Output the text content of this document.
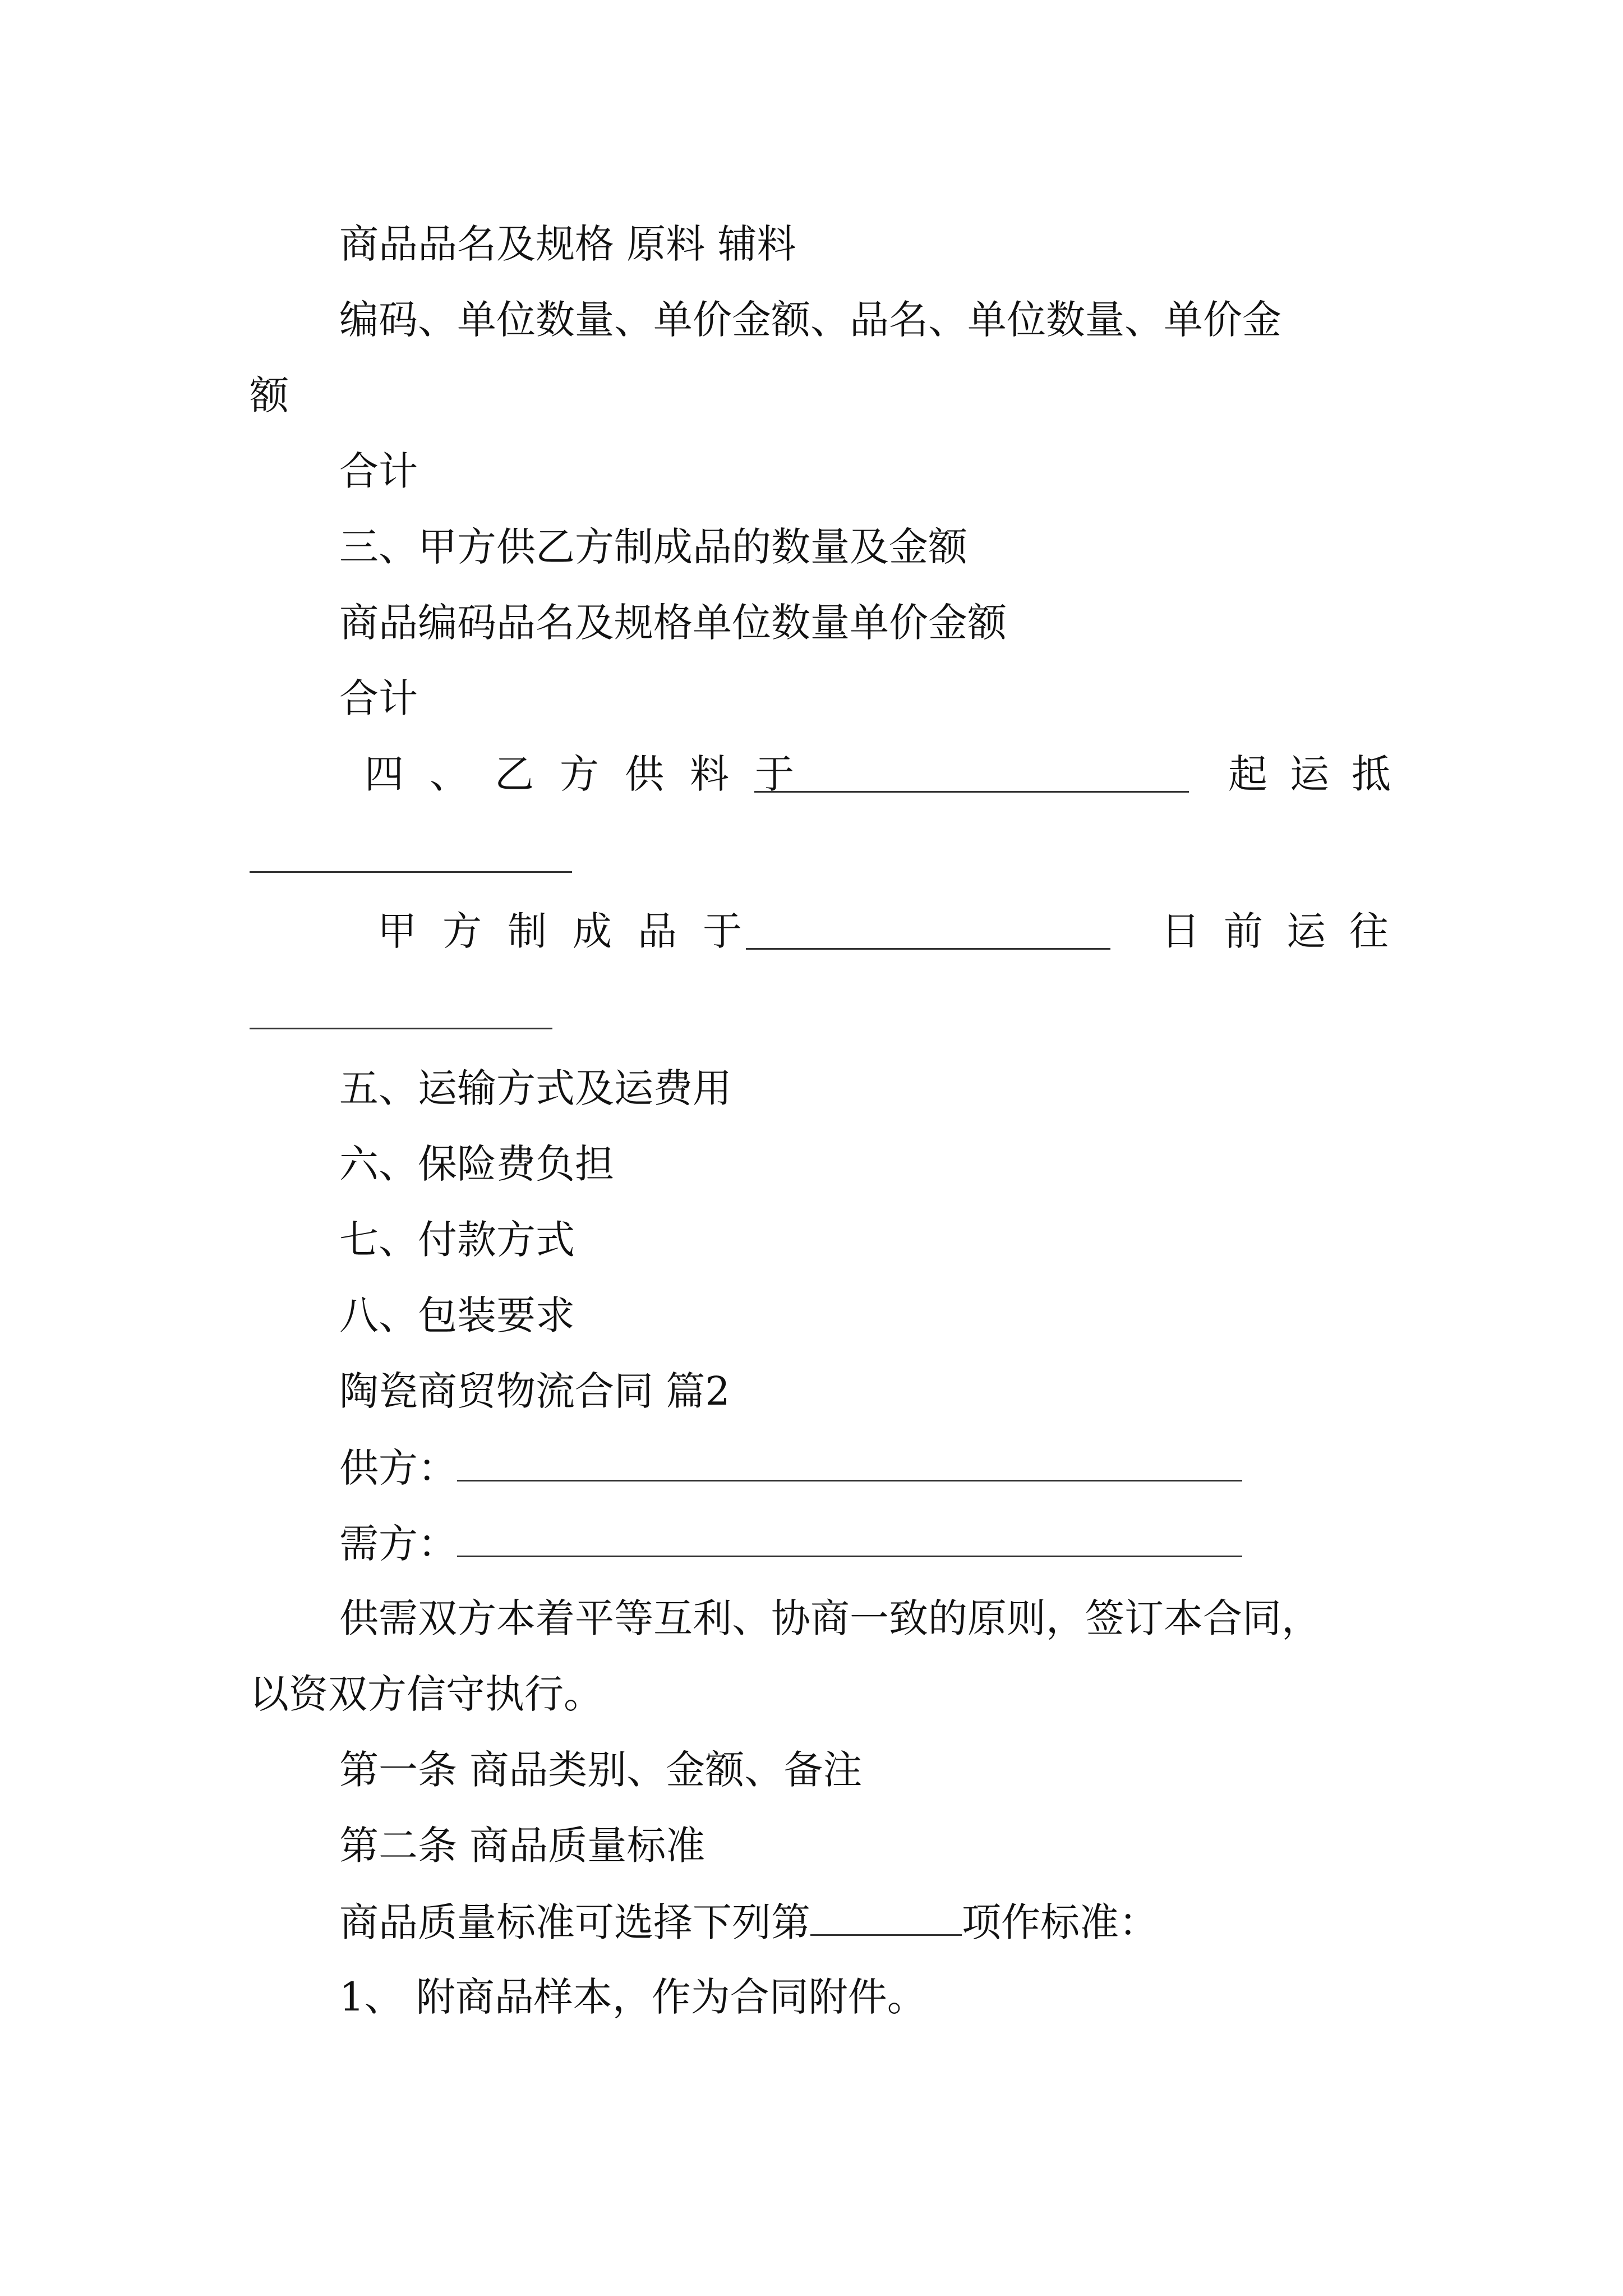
商品品名及规格 原料 辅料
编码、单位数量、单价金额、品名、单位数量、单价金
额
合计
三、甲方供乙方制成品的数量及金额
商品编码品名及规格单位数量单价金额
合计
四、乙方供料于	起运抵
甲方制成品于	日前运往
五、运输方式及运费用
六、保险费负担
七、付款方式
八、包装要求
陶瓷商贸物流合同 篇2
供方：
需方：
供需双方本着平等互利、协商一致的原则，签订本合同，
以资双方信守执行。
第一条 商品类别、金额、备注
第二条 商品质量标准
商品质量标准可选择下列第	项作标准：
1、 附商品样本，作为合同附件。
